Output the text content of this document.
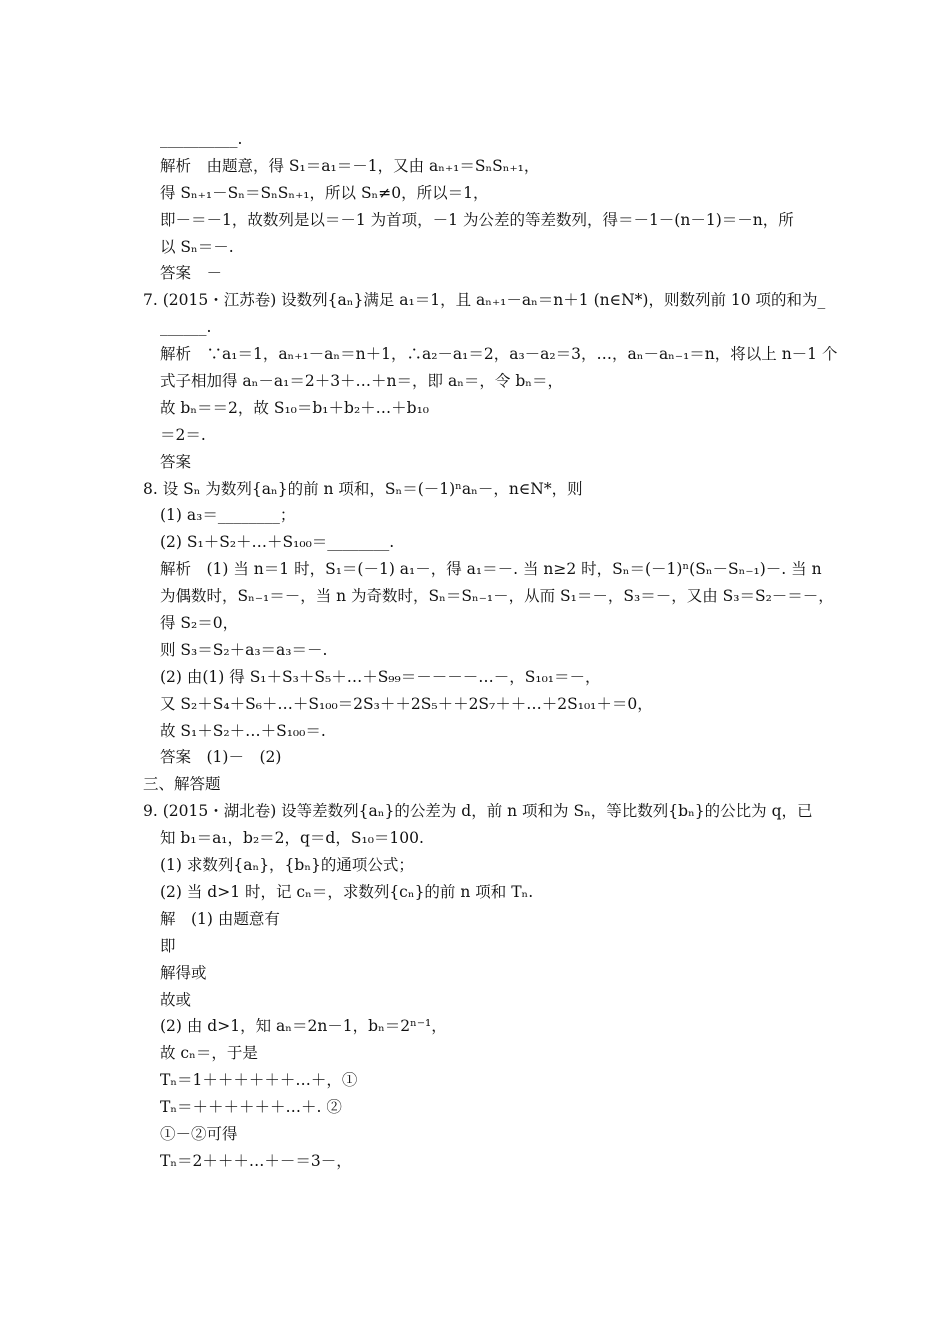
__________.
解析　由题意，得 S₁＝a₁＝－1，又由 aₙ₊₁＝SₙSₙ₊₁，
得 Sₙ₊₁－Sₙ＝SₙSₙ₊₁，所以 Sₙ≠0，所以＝1，
即－＝－1，故数列是以＝－1 为首项，－1 为公差的等差数列，得＝－1－(n－1)＝－n，所
以 Sₙ＝－.
答案　－
7. (2015・江苏卷) 设数列{aₙ}满足 a₁＝1，且 aₙ₊₁－aₙ＝n＋1 (n∈N*)，则数列前 10 项的和为_
______.
解析　∵a₁＝1，aₙ₊₁－aₙ＝n＋1，∴a₂－a₁＝2，a₃－a₂＝3，…，aₙ－aₙ₋₁＝n，将以上 n－1 个
式子相加得 aₙ－a₁＝2＋3＋…＋n＝，即 aₙ＝，令 bₙ＝，
故 bₙ＝＝2，故 S₁₀＝b₁＋b₂＋…＋b₁₀
＝2＝.
答案
8. 设 Sₙ 为数列{aₙ}的前 n 项和，Sₙ＝(－1)ⁿaₙ－，n∈N*，则
(1) a₃＝________；
(2) S₁＋S₂＋…＋S₁₀₀＝________.
解析　(1) 当 n＝1 时，S₁＝(－1) a₁－，得 a₁＝－. 当 n≥2 时，Sₙ＝(－1)ⁿ(Sₙ－Sₙ₋₁)－. 当 n
为偶数时，Sₙ₋₁＝－，当 n 为奇数时，Sₙ＝Sₙ₋₁－，从而 S₁＝－，S₃＝－，又由 S₃＝S₂－＝－，
得 S₂＝0，
则 S₃＝S₂＋a₃＝a₃＝－.
(2) 由(1) 得 S₁＋S₃＋S₅＋…＋S₉₉＝－－－－…－，S₁₀₁＝－，
又 S₂＋S₄＋S₆＋…＋S₁₀₀＝2S₃＋＋2S₅＋＋2S₇＋＋…＋2S₁₀₁＋＝0，
故 S₁＋S₂＋…＋S₁₀₀＝.
答案　(1)－　(2)
三、解答题
9. (2015・湖北卷) 设等差数列{aₙ}的公差为 d，前 n 项和为 Sₙ，等比数列{bₙ}的公比为 q，已
知 b₁＝a₁，b₂＝2，q＝d，S₁₀＝100.
(1) 求数列{aₙ}，{bₙ}的通项公式；
(2) 当 d>1 时，记 cₙ＝，求数列{cₙ}的前 n 项和 Tₙ.
解　(1) 由题意有
即
解得或
故或
(2) 由 d>1，知 aₙ＝2n－1，bₙ＝2ⁿ⁻¹，
故 cₙ＝，于是
Tₙ＝1＋＋＋＋＋＋…＋，①
Tₙ＝＋＋＋＋＋＋…＋. ②
①－②可得
Tₙ＝2＋＋＋…＋－＝3－，
